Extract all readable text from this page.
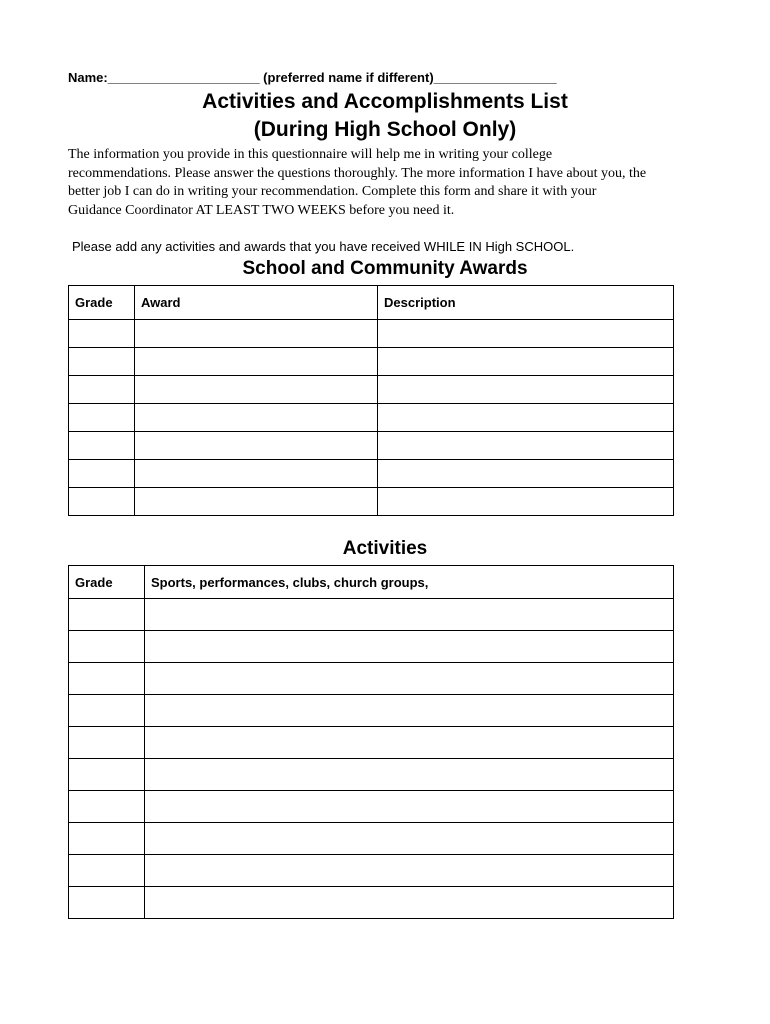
Name:_____________________ (preferred name if different)_________________
Activities and Accomplishments List
(During High School Only)
The information you provide in this questionnaire will help me in writing your college
recommendations. Please answer the questions thoroughly. The more information I have about you, the
better job I can do in writing your recommendation. Complete this form and share it with your
Guidance Coordinator AT LEAST TWO WEEKS before you need it.
Please add any activities and awards that you have received WHILE IN High SCHOOL.
School and Community Awards
Grade	Award	Description

Activities
Grade	Sports, performances, clubs, church groups,
